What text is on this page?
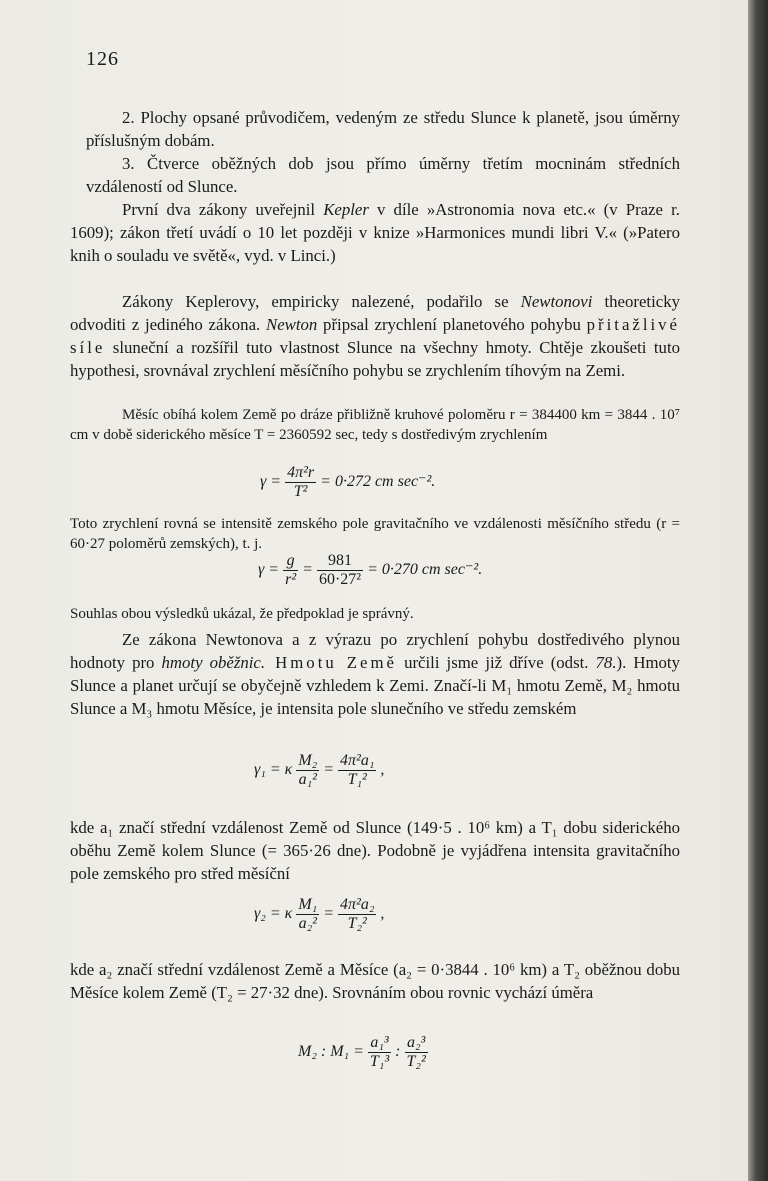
126
2. Plochy opsané průvodičem, vedeným ze středu Slunce k planetě, jsou úměrny příslušným dobám.
3. Čtverce oběžných dob jsou přímo úměrny třetím mocninám středních vzdáleností od Slunce.
První dva zákony uveřejnil Kepler v díle »Astronomia nova etc.« (v Praze r. 1609); zákon třetí uvádí o 10 let později v knize »Harmonices mundi libri V.« (»Patero knih o souladu ve světě«, vyd. v Linci.)
Zákony Keplerovy, empiricky nalezené, podařilo se Newtonovi theoreticky odvoditi z jediného zákona. Newton připsal zrychlení planetového pohybu přitažlivé síle sluneční a rozšířil tuto vlastnost Slunce na všechny hmoty. Chtěje zkoušeti tuto hypothesi, srovnával zrychlení měsíčního pohybu se zrychlením tíhovým na Zemi.
Měsíc obíhá kolem Země po dráze přibližně kruhové poloměru r = 384400 km = 3844 . 10⁷ cm v době siderického měsíce T = 2360592 sec, tedy s dostředivým zrychlením
$\gamma = \frac{\text{4π²r}}{\text{T²}} = 0\cdot 272$ cm sec⁻².
Toto zrychlení rovná se intensitě zemského pole gravitačního ve vzdálenosti měsíčního středu (r = 60·27 poloměrů zemských), t. j.
$\gamma = \frac{g}{\text{r²}} = \frac{981}{\text{60·27²}} = 0\cdot 270$ cm sec⁻².
Souhlas obou výsledků ukázal, že předpoklad je správný.
Ze zákona Newtonova a z výrazu po zrychlení pohybu dostředivého plynou hodnoty pro hmoty oběžnic. Hmotu Země určili jsme již dříve (odst. 78.). Hmoty Slunce a planet určují se obyčejně vzhledem k Zemi. Značí-li M₁ hmotu Země, M₂ hmotu Slunce a M₃ hmotu Měsíce, je intensita pole slunečního ve středu zemském
γ₁ = κ $\frac{\text{M₂}}{\text{a₁²}} = \frac{\text{4π²a₁}}{\text{T₁²}}$ ,
kde a₁ značí střední vzdálenost Země od Slunce (149·5 . 10⁶ km) a T₁ dobu siderického oběhu Země kolem Slunce (= 365·26 dne). Podobně je vyjádřena intensita gravitačního pole zemského pro střed měsíční
γ₂ = κ $\frac{\text{M₁}}{\text{a₂²}} = \frac{\text{4π²a₂}}{\text{T₂²}}$ ,
kde a₂ značí střední vzdálenost Země a Měsíce (a₂ = 0·3844 . 10⁶ km) a T₂ oběžnou dobu Měsíce kolem Země (T₂ = 27·32 dne). Srovnáním obou rovnic vychází úměra
M₂ : $M_1 = \frac{\text{a₁³}}{\text{T₁³}}$ : $\frac{\text{a₂³}}{\text{T₂²}}$
